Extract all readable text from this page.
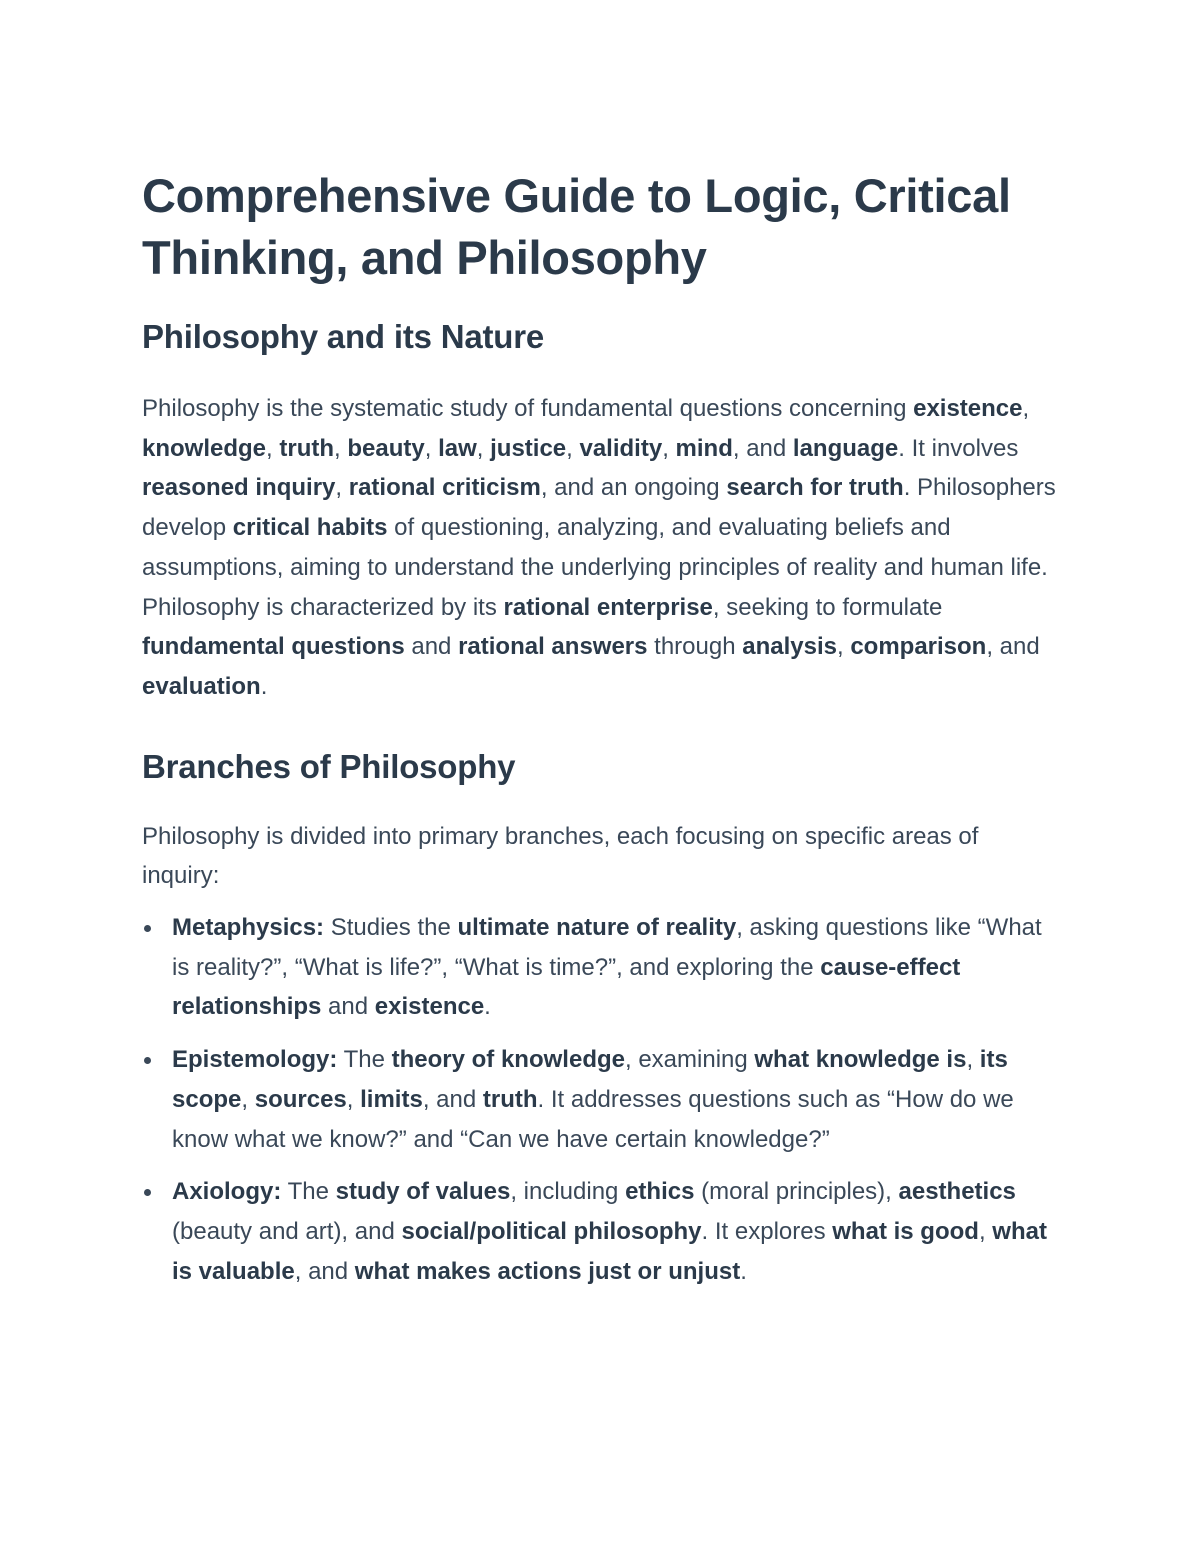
Comprehensive Guide to Logic, Critical Thinking, and Philosophy
Philosophy and its Nature

Philosophy is the systematic study of fundamental questions concerning existence, knowledge, truth, beauty, law, justice, validity, mind, and language. It involves reasoned inquiry, rational criticism, and an ongoing search for truth. Philosophers develop critical habits of questioning, analyzing, and evaluating beliefs and assumptions, aiming to understand the underlying principles of reality and human life. Philosophy is characterized by its rational enterprise, seeking to formulate fundamental questions and rational answers through analysis, comparison, and evaluation.

Branches of Philosophy

Philosophy is divided into primary branches, each focusing on specific areas of inquiry:

Metaphysics: Studies the ultimate nature of reality, asking questions like “What is reality?”, “What is life?”, “What is time?”, and exploring the cause-effect relationships and existence.
Epistemology: The theory of knowledge, examining what knowledge is, its scope, sources, limits, and truth. It addresses questions such as “How do we know what we know?” and “Can we have certain knowledge?”
Axiology: The study of values, including ethics (moral principles), aesthetics (beauty and art), and social/political philosophy. It explores what is good, what is valuable, and what makes actions just or unjust.
